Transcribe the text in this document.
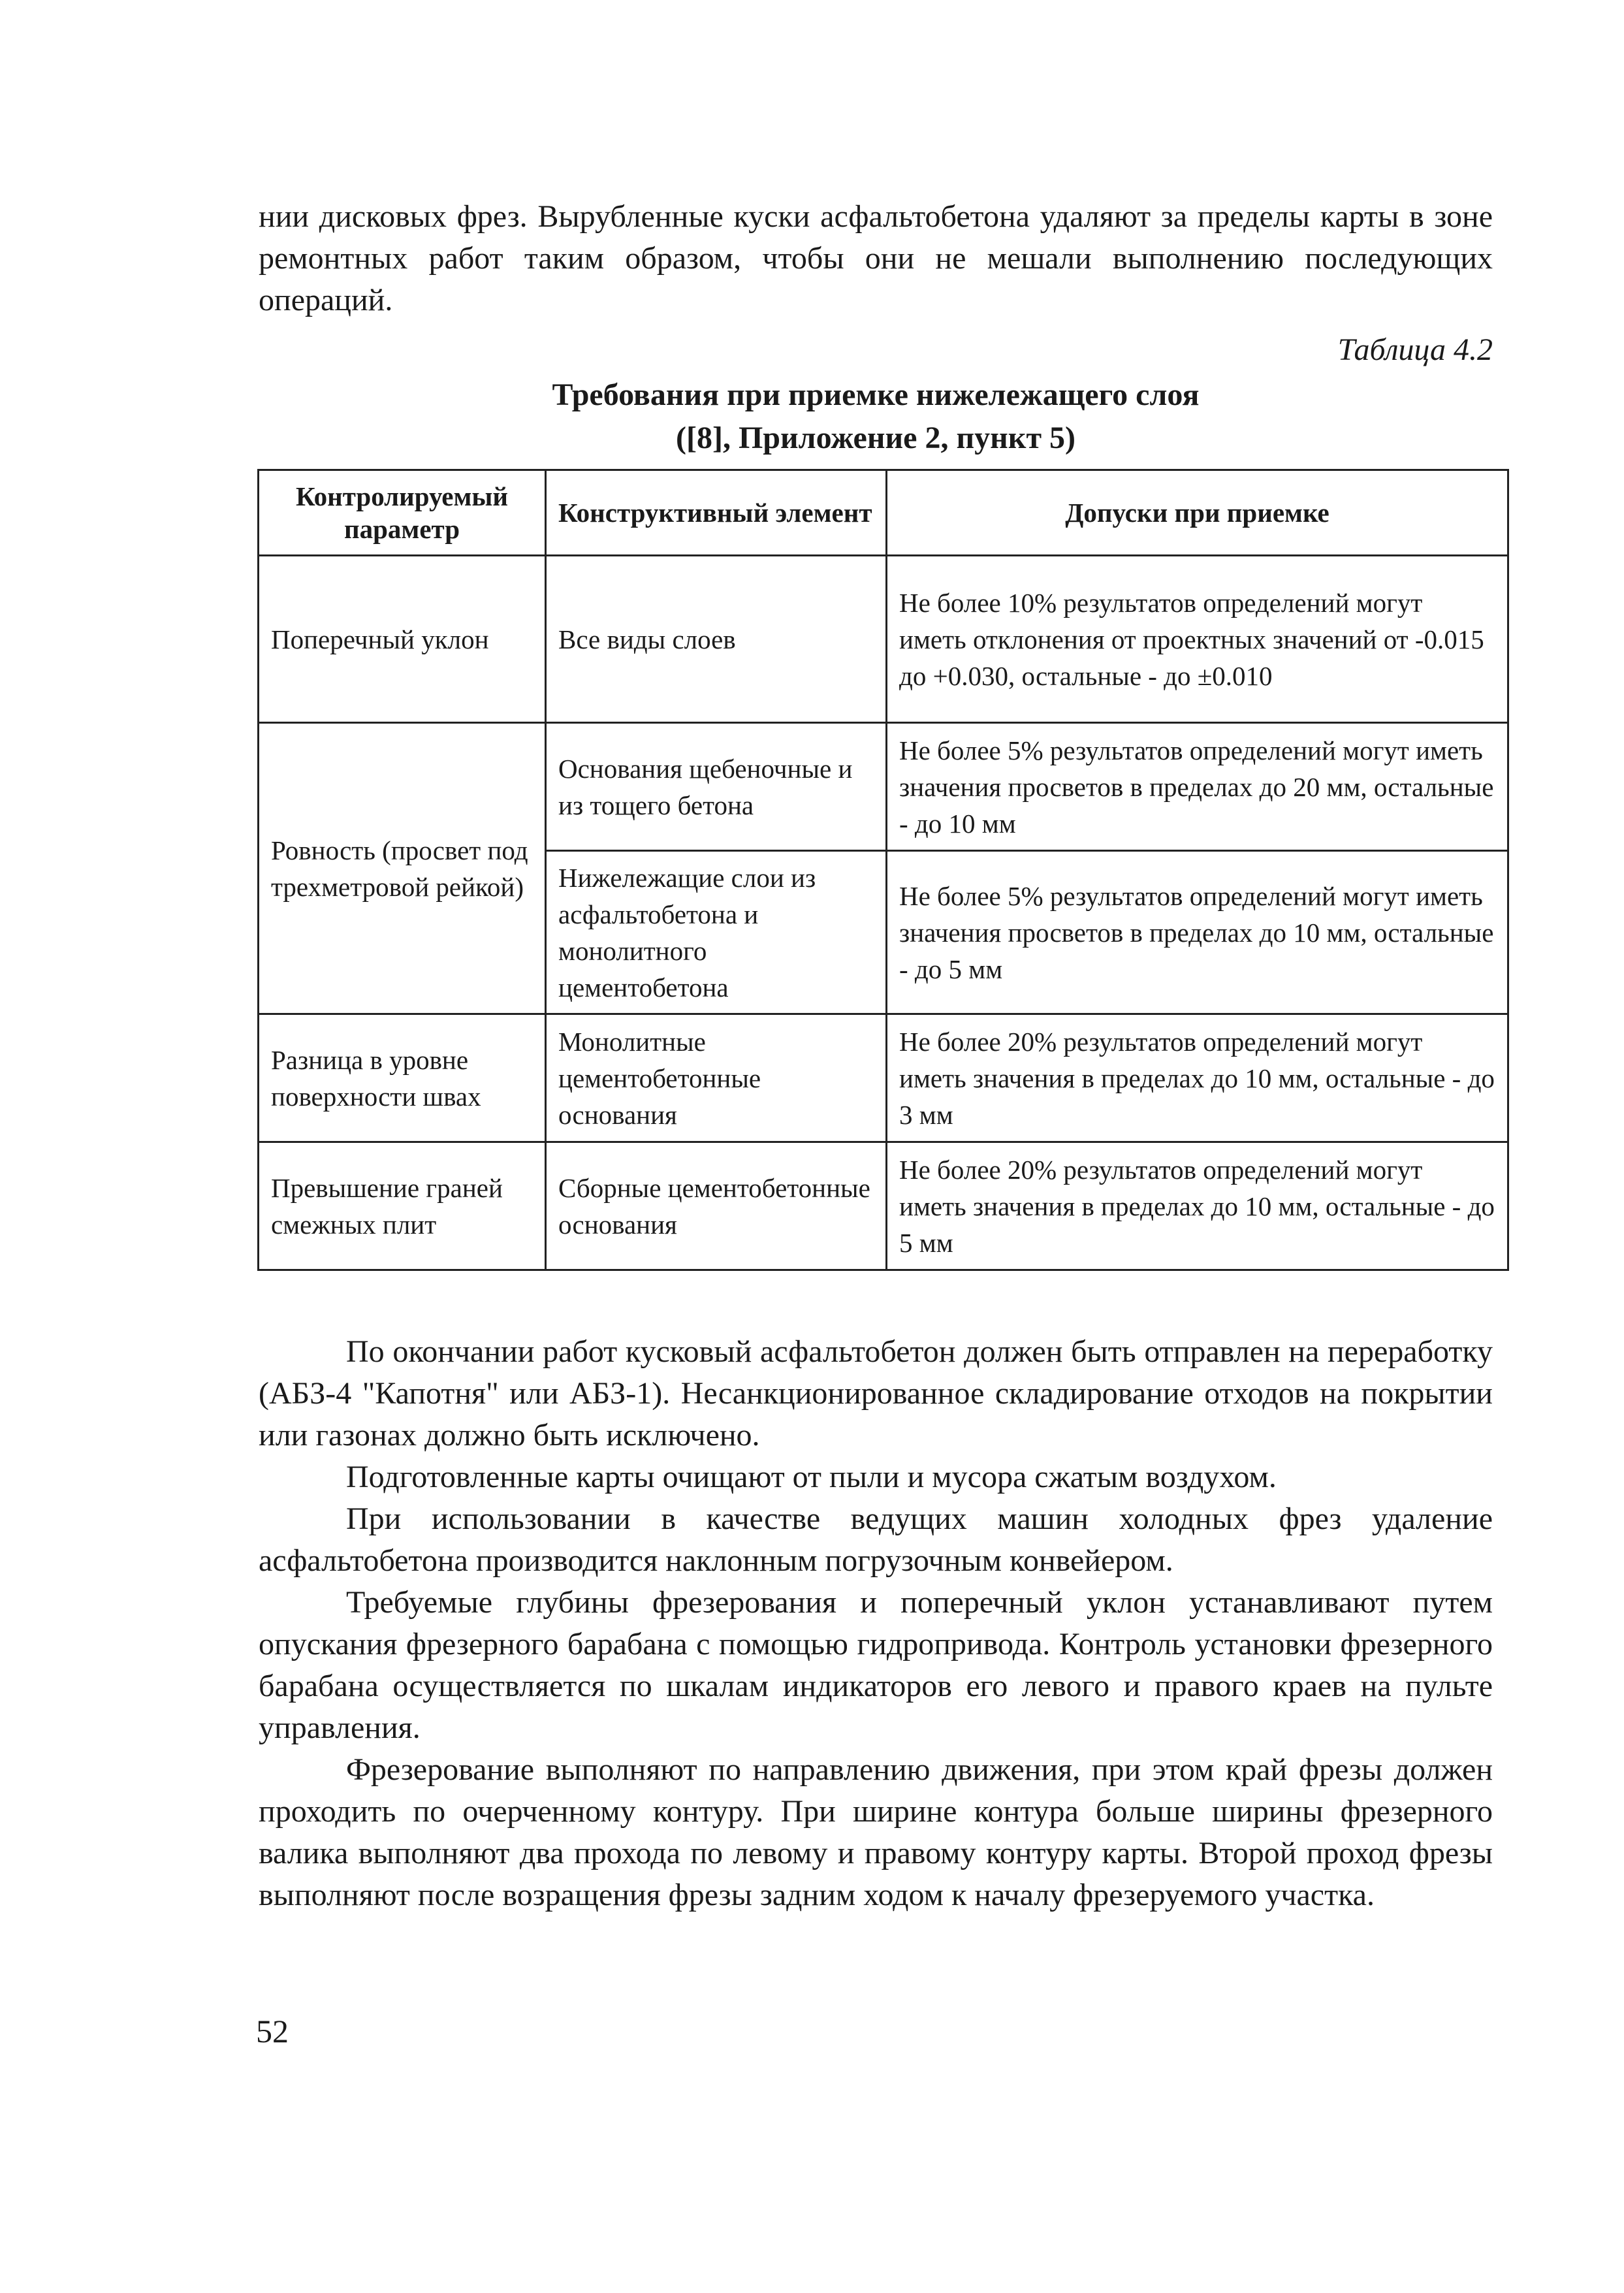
нии дисковых фрез. Вырубленные куски асфальтобетона удаляют за пределы карты в зоне ремонтных работ таким образом, чтобы они не мешали выполнению последующих операций.

Таблица 4.2
Требования при приемке нижележащего слоя
([8], Приложение 2, пункт 5)
Контролируемый параметр	Конструктивный элемент	Допуски при приемке
Поперечный уклон	Все виды слоев	Не более 10% результатов определений могут иметь отклонения от проектных значений от -0.015 до +0.030, остальные - до ±0.010
Ровность (просвет под трехметровой рейкой)	Основания щебеночные и из тощего бетона	Не более 5% результатов определений могут иметь значения просветов в пределах до 20 мм, остальные - до 10 мм
	Нижележащие слои из асфальтобетона и монолитного цементобетона	Не более 5% результатов определений могут иметь значения просветов в пределах до 10 мм, остальные - до 5 мм
Разница в уровне поверхности швах	Монолитные цементобетонные основания	Не более 20% результатов определений могут иметь значения в пределах до 10 мм, остальные - до 3 мм
Превышение граней смежных плит	Сборные цементобетонные основания	Не более 20% результатов определений могут иметь значения в пределах до 10 мм, остальные - до 5 мм

По окончании работ кусковый асфальтобетон должен быть отправлен на переработку (АБЗ-4 "Капотня" или АБЗ-1). Несанкционированное складирование отходов на покрытии или газонах должно быть исключено.

Подготовленные карты очищают от пыли и мусора сжатым воздухом.

При использовании в качестве ведущих машин холодных фрез удаление асфальтобетона производится наклонным погрузочным конвейером.

Требуемые глубины фрезерования и поперечный уклон устанавливают путем опускания фрезерного барабана с помощью гидропривода. Контроль установки фрезерного барабана осуществляется по шкалам индикаторов его левого и правого краев на пульте управления.

Фрезерование выполняют по направлению движения, при этом край фрезы должен проходить по очерченному контуру. При ширине контура больше ширины фрезерного валика выполняют два прохода по левому и правому контуру карты. Второй проход фрезы выполняют после возращения фрезы задним ходом к началу фрезеруемого участка.

52
